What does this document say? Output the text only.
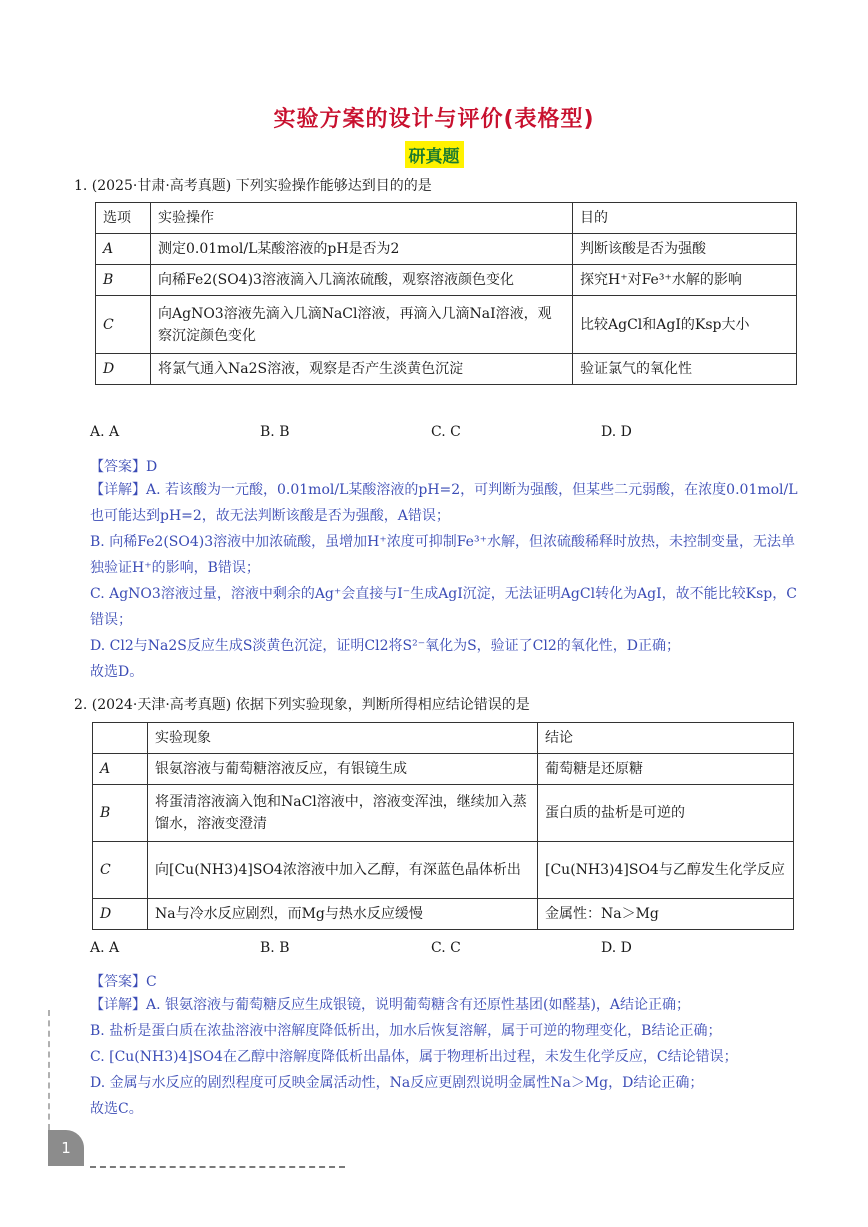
实验方案的设计与评价(表格型)
研真题
1. (2025·甘肃·高考真题) 下列实验操作能够达到目的的是
选项	实验操作	目的
A	测定0.01mol/L某酸溶液的pH是否为2	判断该酸是否为强酸
B	向稀Fe2(SO4)3溶液滴入几滴浓硫酸，观察溶液颜色变化	探究H⁺对Fe³⁺水解的影响
C	向AgNO3溶液先滴入几滴NaCl溶液，再滴入几滴NaI溶液，观察沉淀颜色变化	比较AgCl和AgI的Ksp大小
D	将氯气通入Na2S溶液，观察是否产生淡黄色沉淀	验证氯气的氧化性
A. A	B. B	C. C	D. D
【答案】D

【详解】A. 若该酸为一元酸，0.01mol/L某酸溶液的pH=2，可判断为强酸，但某些二元弱酸，在浓度0.01mol/L也可能达到pH=2，故无法判断该酸是否为强酸，A错误；

B. 向稀Fe2(SO4)3溶液中加浓硫酸，虽增加H⁺浓度可抑制Fe³⁺水解，但浓硫酸稀释时放热，未控制变量，无法单独验证H⁺的影响，B错误；

C. AgNO3溶液过量，溶液中剩余的Ag⁺会直接与I⁻生成AgI沉淀，无法证明AgCl转化为AgI，故不能比较Ksp，C错误；

D. Cl2与Na2S反应生成S淡黄色沉淀，证明Cl2将S²⁻氧化为S，验证了Cl2的氧化性，D正确；

故选D。

2. (2024·天津·高考真题) 依据下列实验现象，判断所得相应结论错误的是
	实验现象	结论
A	银氨溶液与葡萄糖溶液反应，有银镜生成	葡萄糖是还原糖
B	将蛋清溶液滴入饱和NaCl溶液中，溶液变浑浊，继续加入蒸馏水，溶液变澄清	蛋白质的盐析是可逆的
C	向[Cu(NH3)4]SO4浓溶液中加入乙醇，有深蓝色晶体析出	[Cu(NH3)4]SO4与乙醇发生化学反应
D	Na与冷水反应剧烈，而Mg与热水反应缓慢	金属性：Na＞Mg
A. A	B. B	C. C	D. D
【答案】C

【详解】A. 银氨溶液与葡萄糖反应生成银镜，说明葡萄糖含有还原性基团(如醛基)，A结论正确；

B. 盐析是蛋白质在浓盐溶液中溶解度降低析出，加水后恢复溶解，属于可逆的物理变化，B结论正确；

C. [Cu(NH3)4]SO4在乙醇中溶解度降低析出晶体，属于物理析出过程，未发生化学反应，C结论错误；

D. 金属与水反应的剧烈程度可反映金属活动性，Na反应更剧烈说明金属性Na＞Mg，D结论正确；

故选C。

1
